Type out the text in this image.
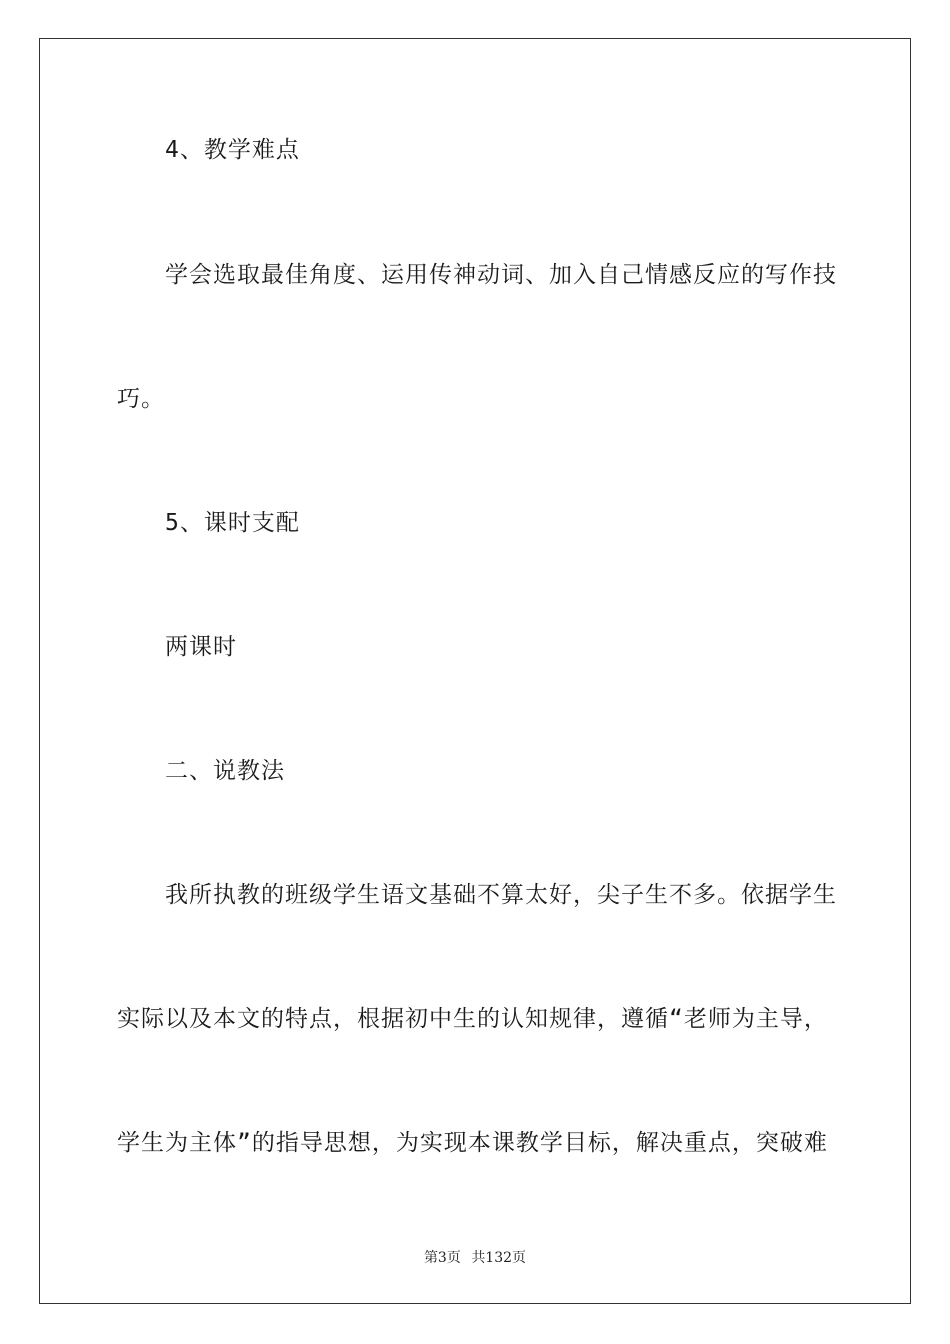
4、教学难点
学会选取最佳角度、运用传神动词、加入自己情感反应的写作技
巧。
5、课时支配
两课时
二、说教法
我所执教的班级学生语文基础不算太好，尖子生不多。依据学生
实际以及本文的特点，根据初中生的认知规律，遵循“老师为主导，
学生为主体”的指导思想，为实现本课教学目标，解决重点，突破难
第3页 共132页
